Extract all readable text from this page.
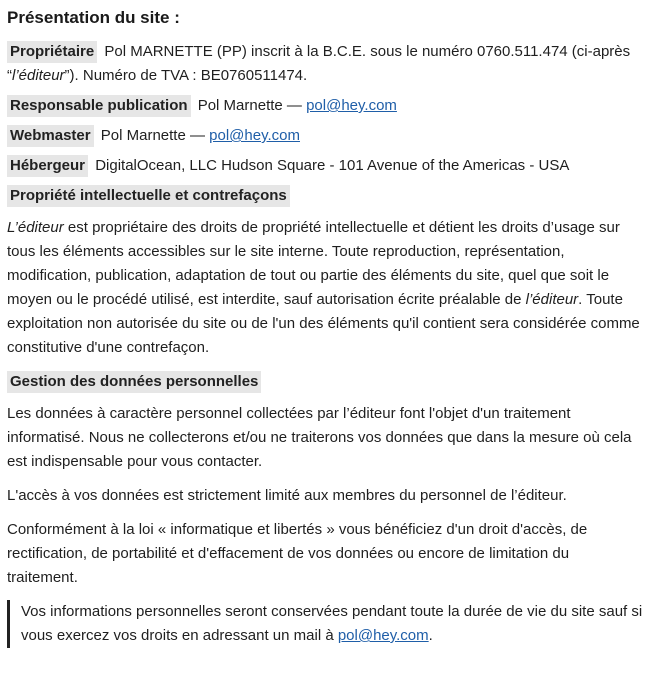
Présentation du site :
Propriétaire Pol MARNETTE (PP) inscrit à la B.C.E. sous le numéro 0760.511.474 (ci-après “l’éditeur”). Numéro de TVA : BE0760511474.
Responsable publication Pol Marnette — pol@hey.com
Webmaster Pol Marnette — pol@hey.com
Hébergeur DigitalOcean, LLC Hudson Square - 101 Avenue of the Americas - USA
Propriété intellectuelle et contrefaçons

L’éditeur est propriétaire des droits de propriété intellectuelle et détient les droits d’usage sur tous les éléments accessibles sur le site interne. Toute reproduction, représentation, modification, publication, adaptation de tout ou partie des éléments du site, quel que soit le moyen ou le procédé utilisé, est interdite, sauf autorisation écrite préalable de l’éditeur. Toute exploitation non autorisée du site ou de l'un des éléments qu'il contient sera considérée comme constitutive d'une contrefaçon.

Gestion des données personnelles

Les données à caractère personnel collectées par l’éditeur font l'objet d'un traitement informatisé. Nous ne collecterons et/ou ne traiterons vos données que dans la mesure où cela est indispensable pour vous contacter.

L'accès à vos données est strictement limité aux membres du personnel de l’éditeur.

Conformément à la loi « informatique et libertés » vous bénéficiez d'un droit d'accès, de rectification, de portabilité et d'effacement de vos données ou encore de limitation du traitement.

Vos informations personnelles seront conservées pendant toute la durée de vie du site sauf si vous exercez vos droits en adressant un mail à pol@hey.com.
